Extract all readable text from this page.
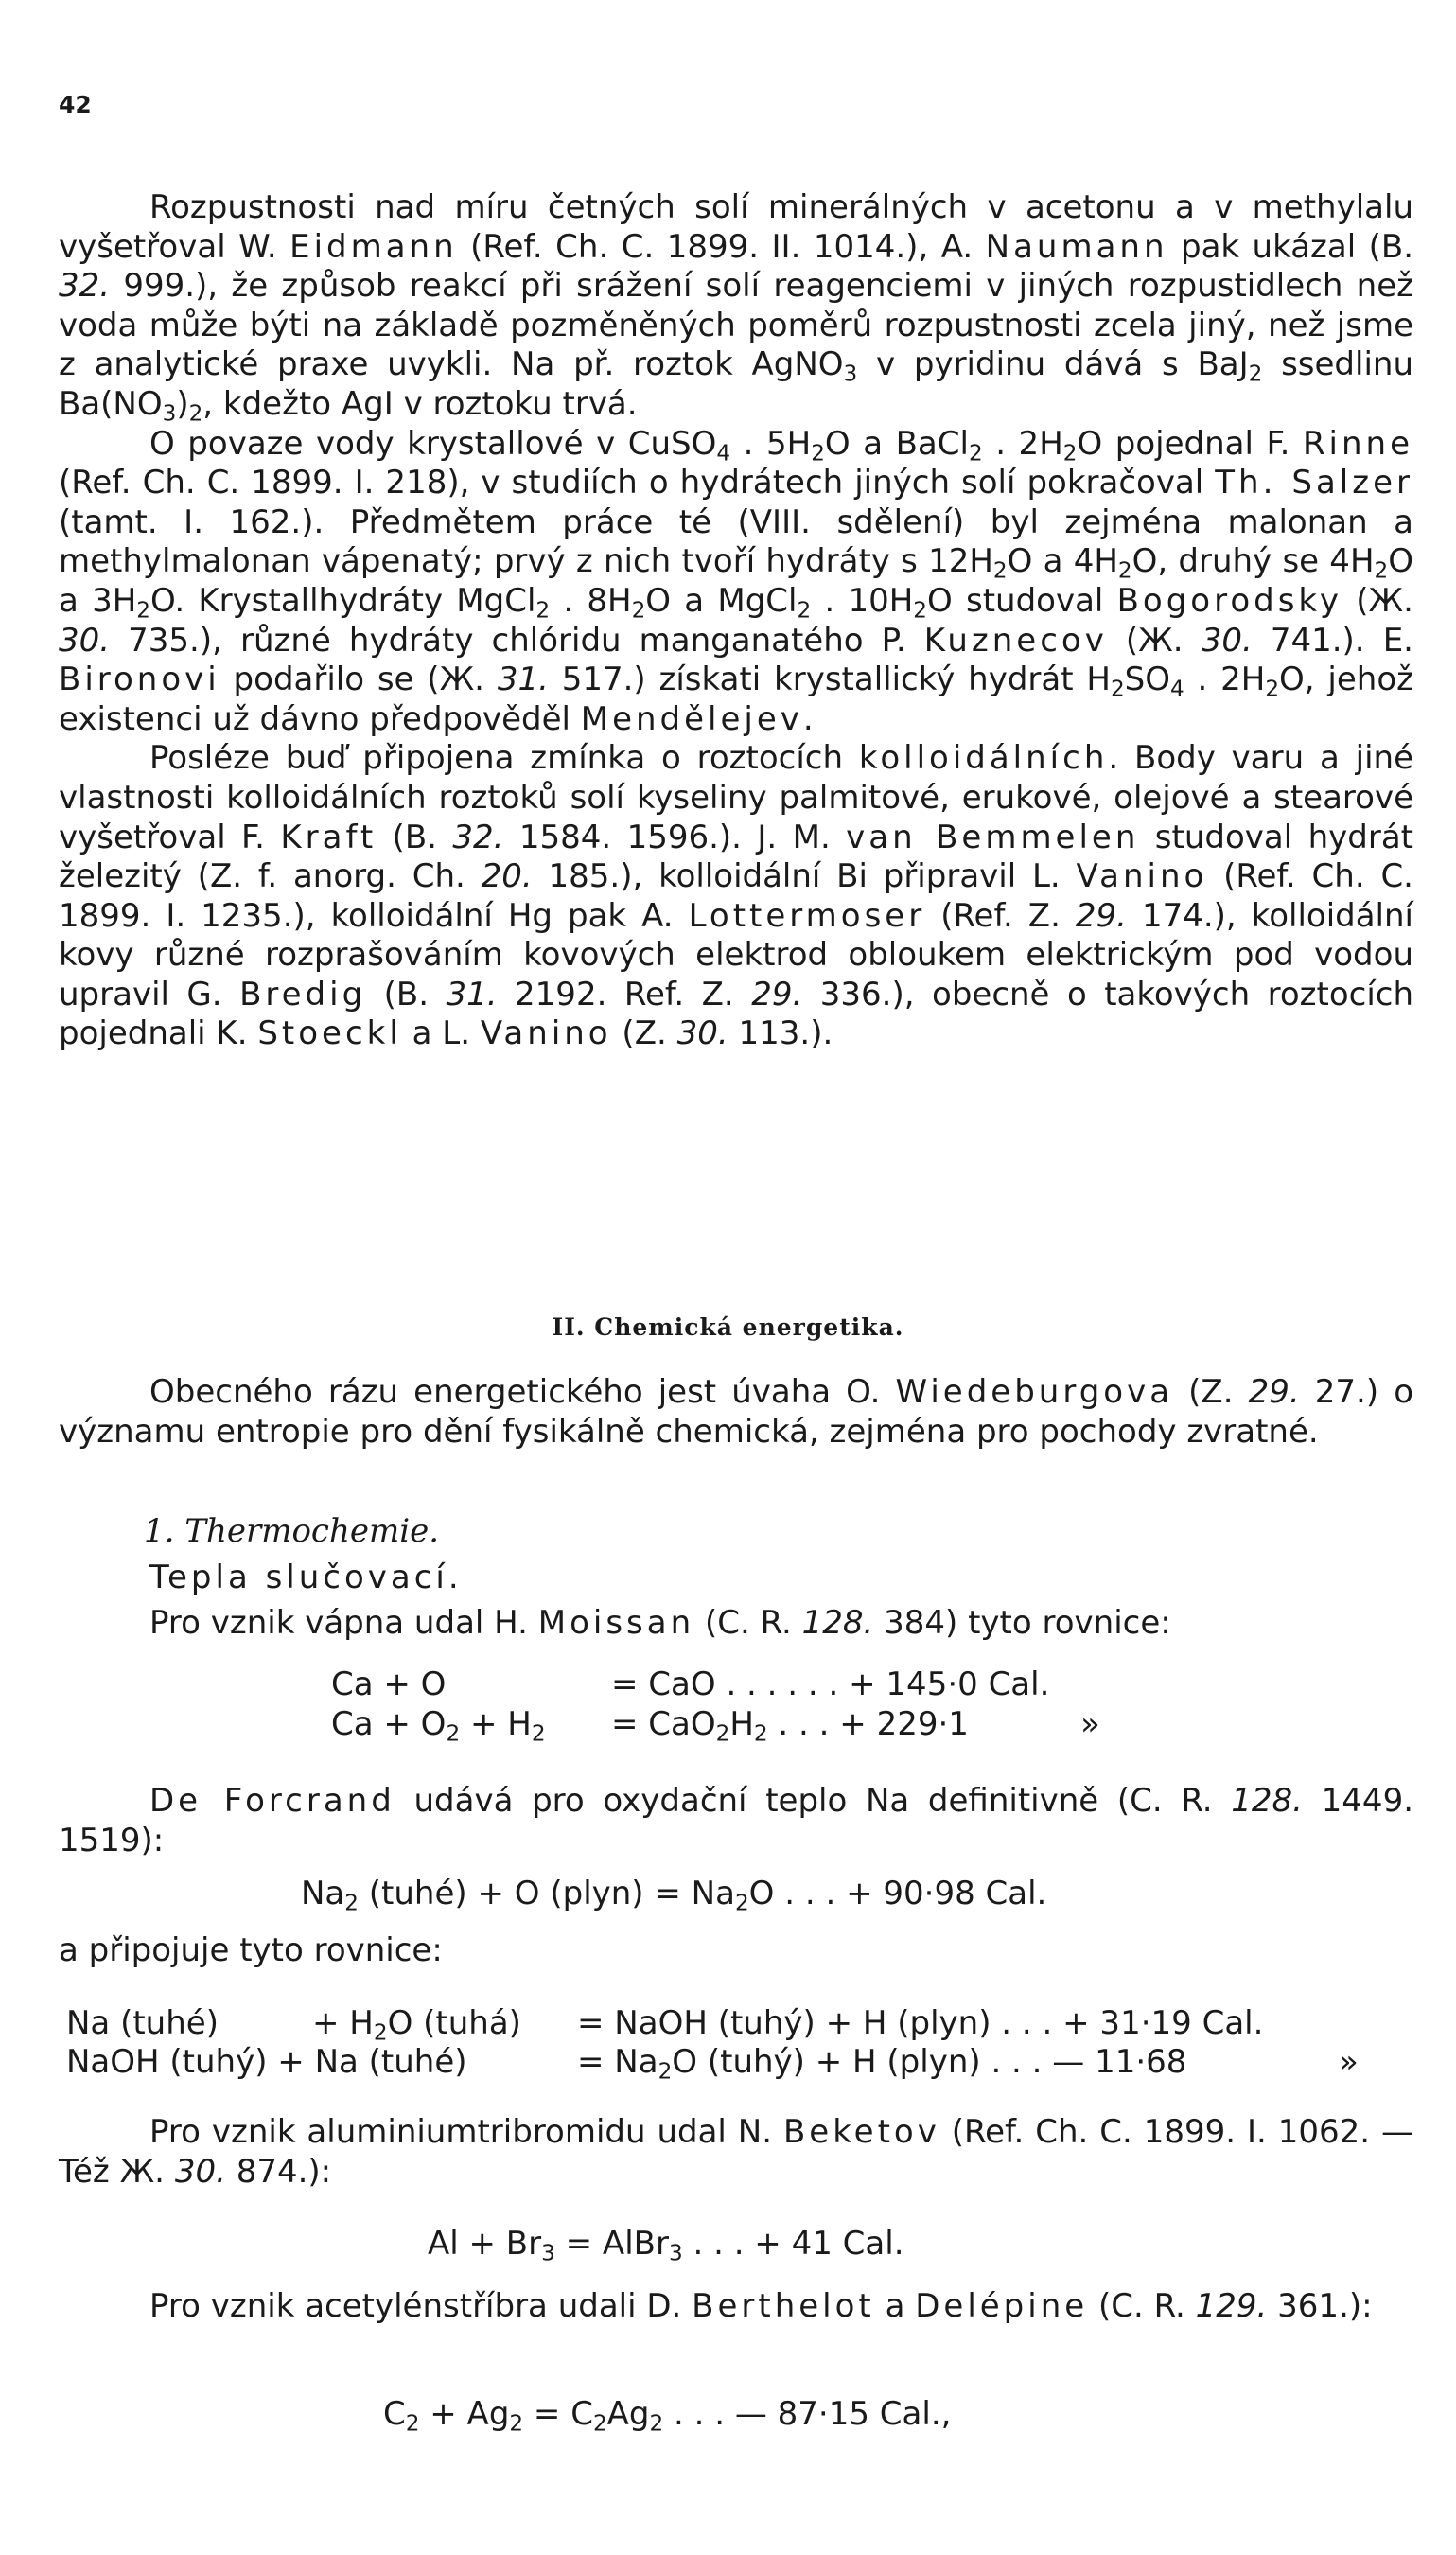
42

Rozpustnosti nad míru četných solí minerálných v acetonu a v methylalu vyšetřoval W. Eidmann (Ref. Ch. C. 1899. II. 1014.), A. Naumann pak ukázal (B. 32. 999.), že způsob reakcí při srážení solí reagenciemi v jiných rozpustidlech než voda může býti na základě pozměněných poměrů rozpustnosti zcela jiný, než jsme z analytické praxe uvykli. Na př. roztok AgNO$_3$ v pyridinu dává s BaJ$_2$ ssedlinu $Ba(NO_3)_2$, kdežto AgI v roztoku trvá.

O povaze vody krystallové v CuSO$_4$ . $5H_2O$ a BaCl$_2$ . $2H_2O$ pojednal F. Rinne (Ref. Ch. C. 1899. I. 218), v studiích o hydrátech jiných solí pokračoval Th. Salzer (tamt. I. 162.). Předmětem práce té (VIII. sdělení) byl zejména malonan a methylmalonan vápenatý; prvý z nich tvoří hydráty s $12H_2O$ a $4H_2O$, druhý se $4H_2O$ a $3H_2O$. Krystallhydráty MgCl$_2$ . $8H_2O$ a MgCl$_2$ . $10H_2O$ studoval Bogorodsky (Ж. 30. 735.), různé hydráty chlóridu manganatého P. Kuznecov (Ж. 30. 741.). E. Bironovi podařilo se (Ж. 31. 517.) získati krystallický hydrát $H_2SO_4$ . $2H_2O$, jehož existenci už dávno předpověděl Mendělejev.

Posléze buď připojena zmínka o roztocích kolloidálních. Body varu a jiné vlastnosti kolloidálních roztoků solí kyseliny palmitové, erukové, olejové a stearové vyšetřoval F. Kraft (B. 32. 1584. 1596.). J. M. van Bemmelen studoval hydrát železitý (Z. f. anorg. Ch. 20. 185.), kolloidální Bi připravil L. Vanino (Ref. Ch. C. 1899. I. 1235.), kolloidální Hg pak A. Lottermoser (Ref. Z. 29. 174.), kolloidální kovy různé rozprašováním kovových elektrod obloukem elektrickým pod vodou upravil G. Bredig (B. 31. 2192. Ref. Z. 29. 336.), obecně o takových roztocích pojednali K. Stoeckl a L. Vanino (Z. 30. 113.).

II. Chemická energetika.

Obecného rázu energetického jest úvaha O. Wiedeburgova (Z. 29. 27.) o významu entropie pro dění fysikálně chemická, zejména pro pochody zvratné.

1. Thermochemie.

Tepla slučovací.

Pro vznik vápna udal H. Moissan (C. R. 128. 384) tyto rovnice:

Ca + O	= CaO . . . . . . + 145·0 Cal.
$Ca + O_2 + H_2 = CaO_2H_2$ . . . + 229·1	»

De Forcrand udává pro oxydační teplo Na definitivně (C. R. 128. 1449. 1519):

$Na_2$ (tuhé) + O (plyn) = $Na_2O$ . . . + 90·98 Cal.

a připojuje tyto rovnice:

Na (tuhé)	+ $H_2O$ (tuhá) = NaOH (tuhý) + H (plyn) . . . + 31·19 Cal.
NaOH (tuhý) + Na (tuhé)	= $Na_2O$ (tuhý) + H (plyn) . . . — 11·68	»

Pro vznik aluminiumtribromidu udal N. Beketov (Ref. Ch. C. 1899. I. 1062. — Též Ж. 30. 874.):

$Al + Br_3$ = AlBr$_3$ . . . + 41 Cal.

Pro vznik acetylénstříbra udali D. Berthelot a Delépine (C. R. 129. 361.):

$C_2 + Ag_2 = C_2Ag_2$ . . . — 87·15 Cal.,
